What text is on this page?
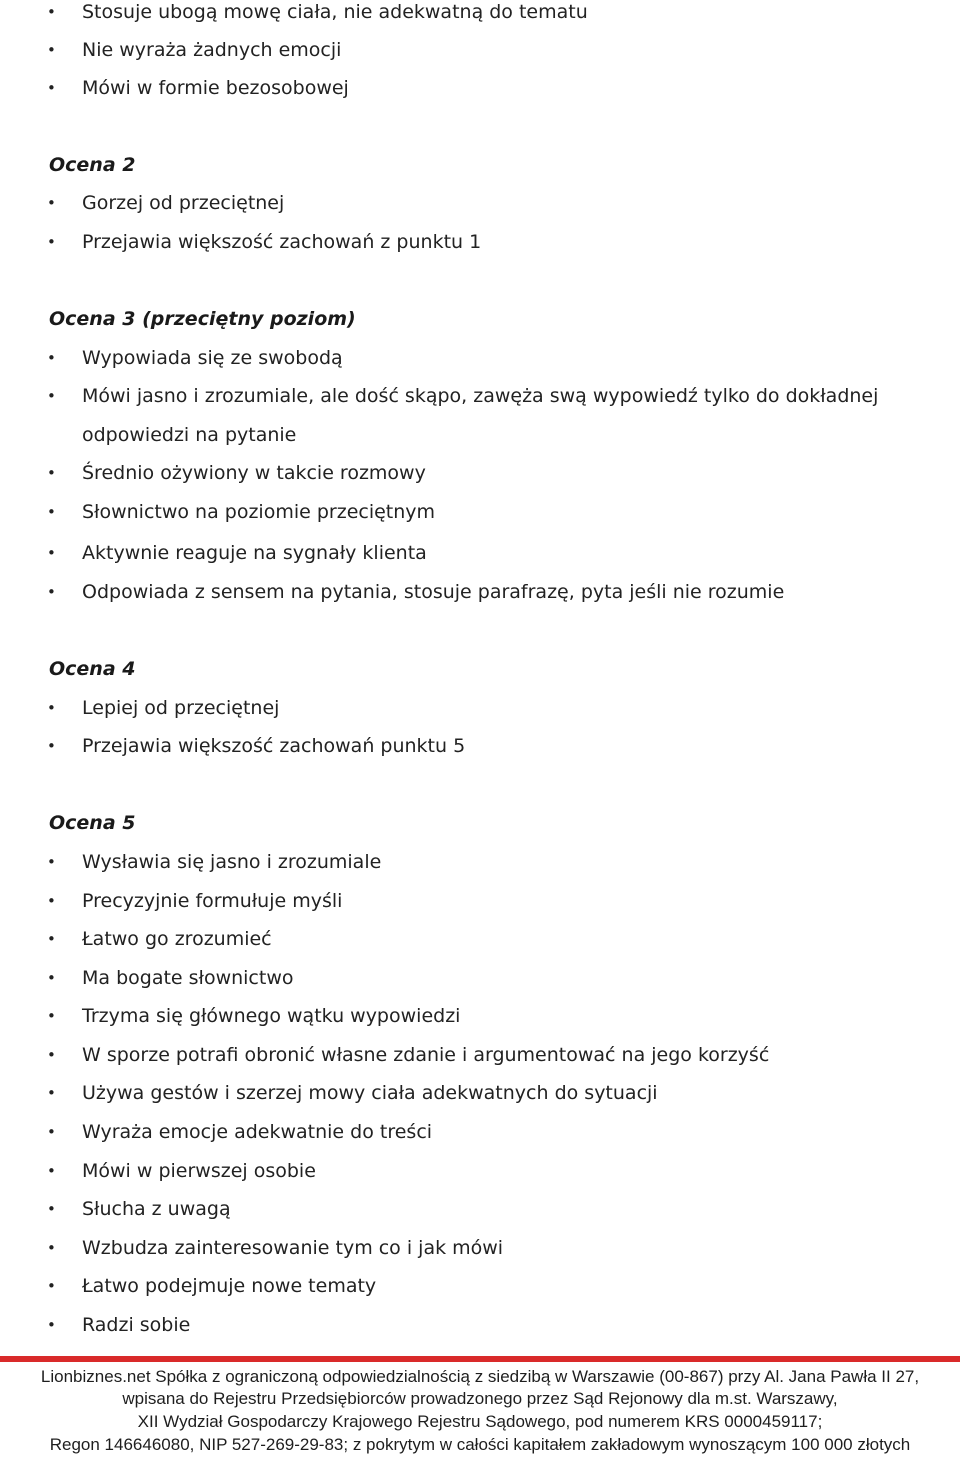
• Stosuje ubogą mowę ciała, nie adekwatną do tematu
• Nie wyraża żadnych emocji
• Mówi w formie bezosobowej
Ocena 2
• Gorzej od przeciętnej
• Przejawia większość zachowań z punktu 1
Ocena 3 (przeciętny poziom)
• Wypowiada się ze swobodą
• Mówi jasno i zrozumiale, ale dość skąpo, zawęża swą wypowiedź tylko do dokładnej
odpowiedzi na pytanie
• Średnio ożywiony w takcie rozmowy
• Słownictwo na poziomie przeciętnym
• Aktywnie reaguje na sygnały klienta
• Odpowiada z sensem na pytania, stosuje parafrazę, pyta jeśli nie rozumie
Ocena 4
• Lepiej od przeciętnej
• Przejawia większość zachowań punktu 5
Ocena 5
• Wysławia się jasno i zrozumiale
• Precyzyjnie formułuje myśli
• Łatwo go zrozumieć
• Ma bogate słownictwo
• Trzyma się głównego wątku wypowiedzi
• W sporze potrafi obronić własne zdanie i argumentować na jego korzyść
• Używa gestów i szerzej mowy ciała adekwatnych do sytuacji
• Wyraża emocje adekwatnie do treści
• Mówi w pierwszej osobie
• Słucha z uwagą
• Wzbudza zainteresowanie tym co i jak mówi
• Łatwo podejmuje nowe tematy
• Radzi sobie
Lionbiznes.net Spółka z ograniczoną odpowiedzialnością z siedzibą w Warszawie (00-867) przy Al. Jana Pawła II 27,
wpisana do Rejestru Przedsiębiorców prowadzonego przez Sąd Rejonowy dla m.st. Warszawy,
XII Wydział Gospodarczy Krajowego Rejestru Sądowego, pod numerem KRS 0000459117;
Regon 146646080, NIP 527-269-29-83; z pokrytym w całości kapitałem zakładowym wynoszącym 100 000 złotych
